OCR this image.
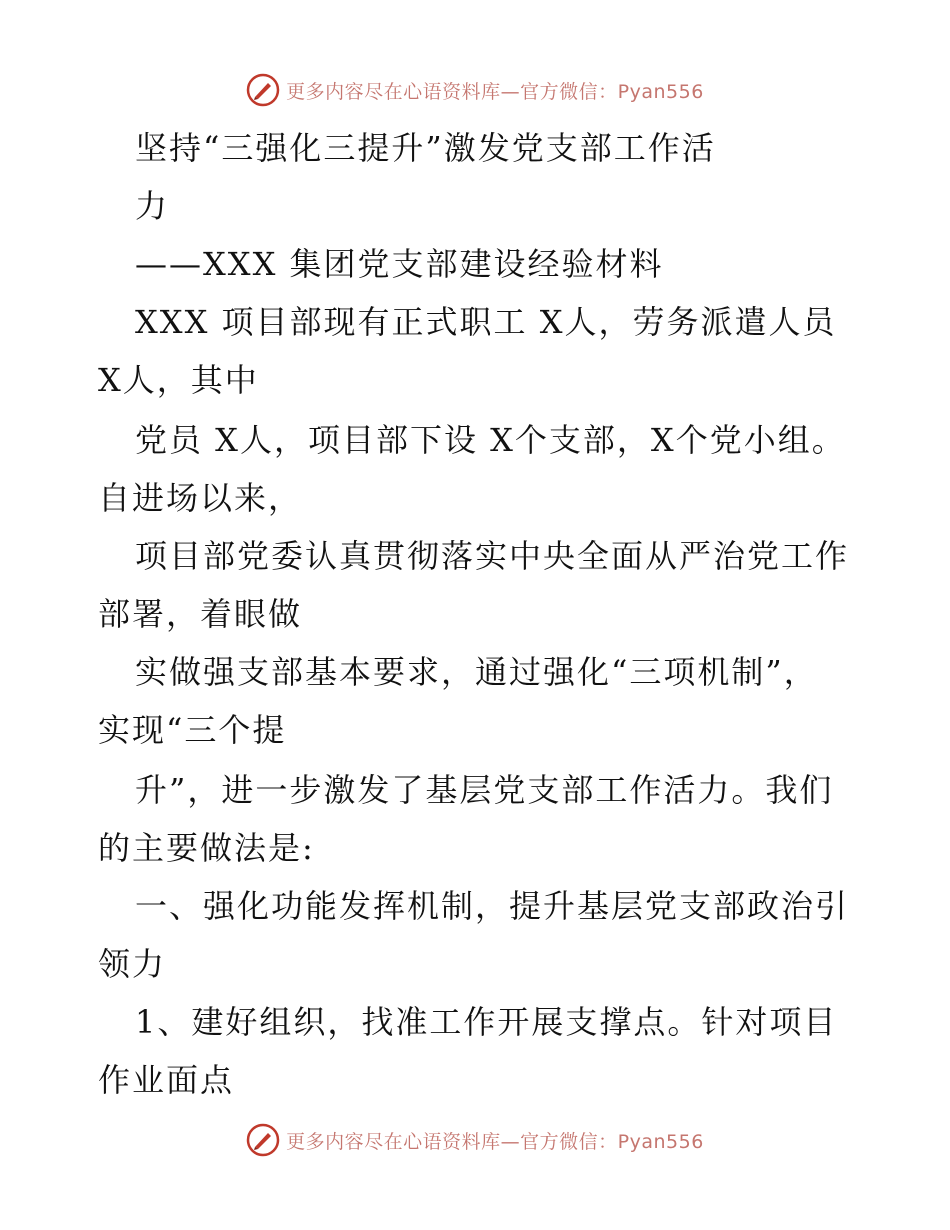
更多内容尽在心语资料库—官方微信：Pyan556
坚持“三强化三提升”激发党支部工作活
力
——XXX 集团党支部建设经验材料
XXX 项目部现有正式职工 X人，劳务派遣人员
X人，其中
党员 X人，项目部下设 X个支部，X个党小组。
自进场以来，
项目部党委认真贯彻落实中央全面从严治党工作
部署，着眼做
实做强支部基本要求，通过强化“三项机制”，
实现“三个提
升”，进一步激发了基层党支部工作活力。我们
的主要做法是:
一、强化功能发挥机制，提升基层党支部政治引
领力
1、建好组织，找准工作开展支撑点。针对项目
作业面点
更多内容尽在心语资料库—官方微信：Pyan556
